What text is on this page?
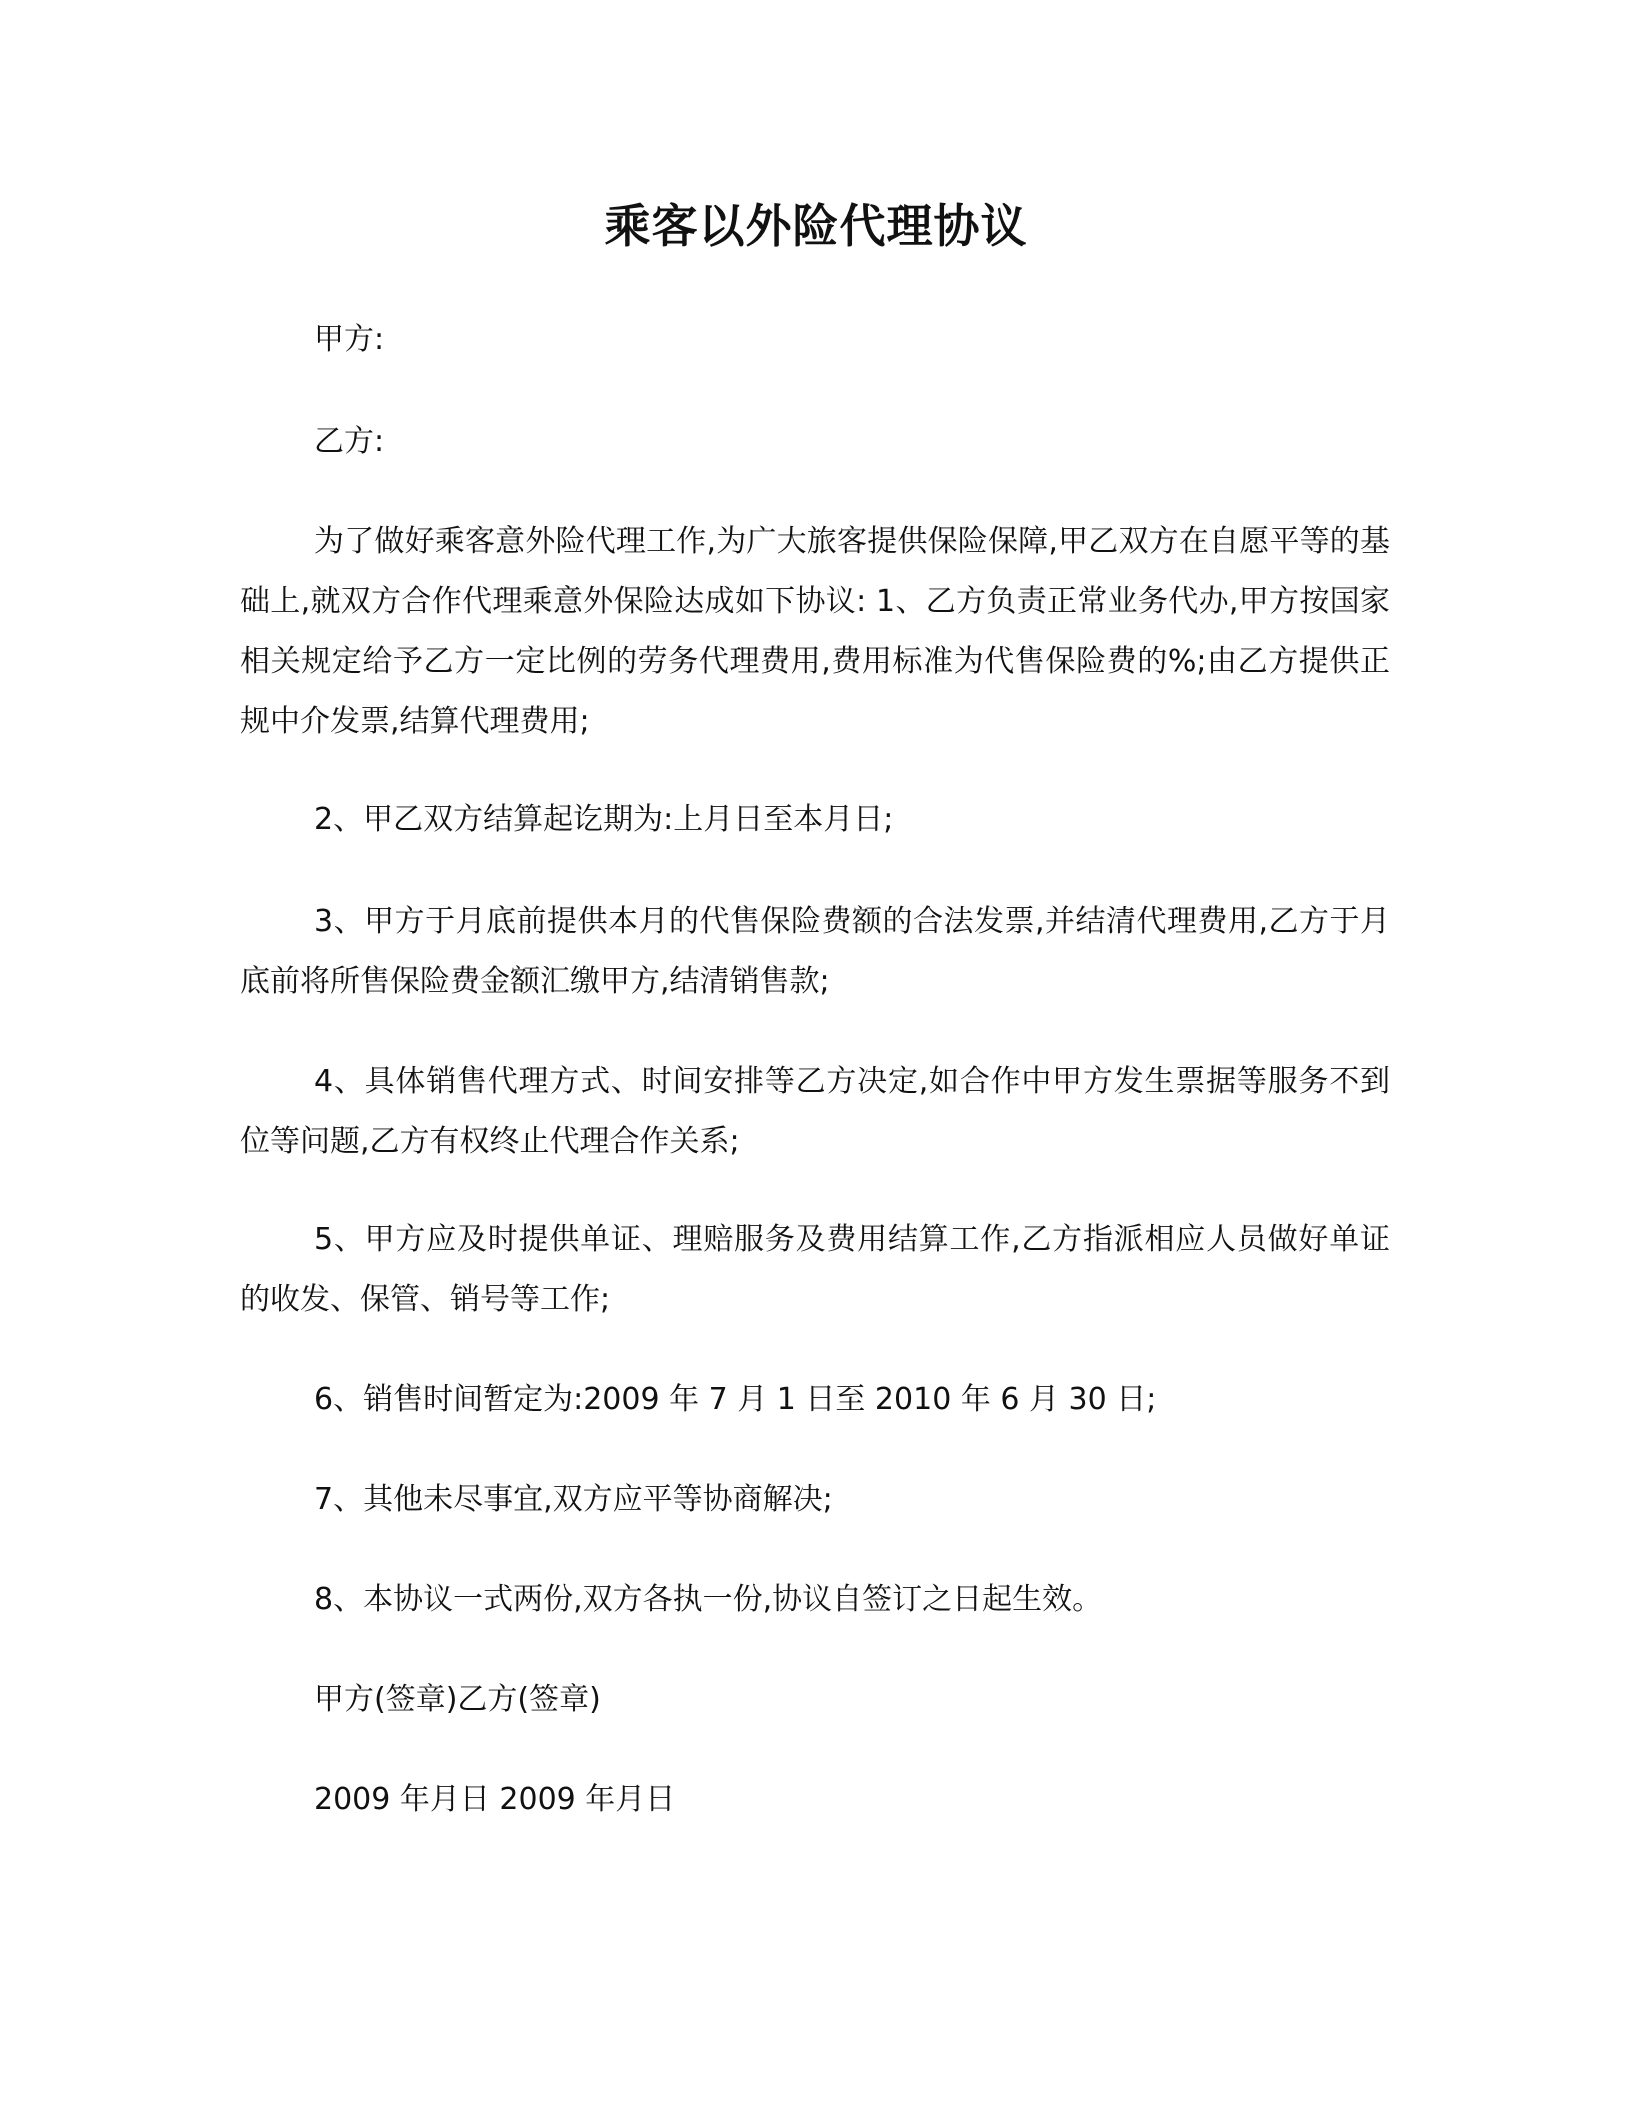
乘客以外险代理协议
甲方:
乙方:
为了做好乘客意外险代理工作,为广大旅客提供保险保障,甲乙双方在自愿平等的基础上,就双方合作代理乘意外保险达成如下协议: 1、乙方负责正常业务代办,甲方按国家相关规定给予乙方一定比例的劳务代理费用,费用标准为代售保险费的%;由乙方提供正规中介发票,结算代理费用;
2、甲乙双方结算起讫期为:上月日至本月日;
3、甲方于月底前提供本月的代售保险费额的合法发票,并结清代理费用,乙方于月底前将所售保险费金额汇缴甲方,结清销售款;
4、具体销售代理方式、时间安排等乙方决定,如合作中甲方发生票据等服务不到位等问题,乙方有权终止代理合作关系;
5、甲方应及时提供单证、理赔服务及费用结算工作,乙方指派相应人员做好单证的收发、保管、销号等工作;
6、销售时间暂定为:2009 年 7 月 1 日至 2010 年 6 月 30 日;
7、其他未尽事宜,双方应平等协商解决;
8、本协议一式两份,双方各执一份,协议自签订之日起生效。
甲方(签章)乙方(签章)
2009 年月日 2009 年月日
